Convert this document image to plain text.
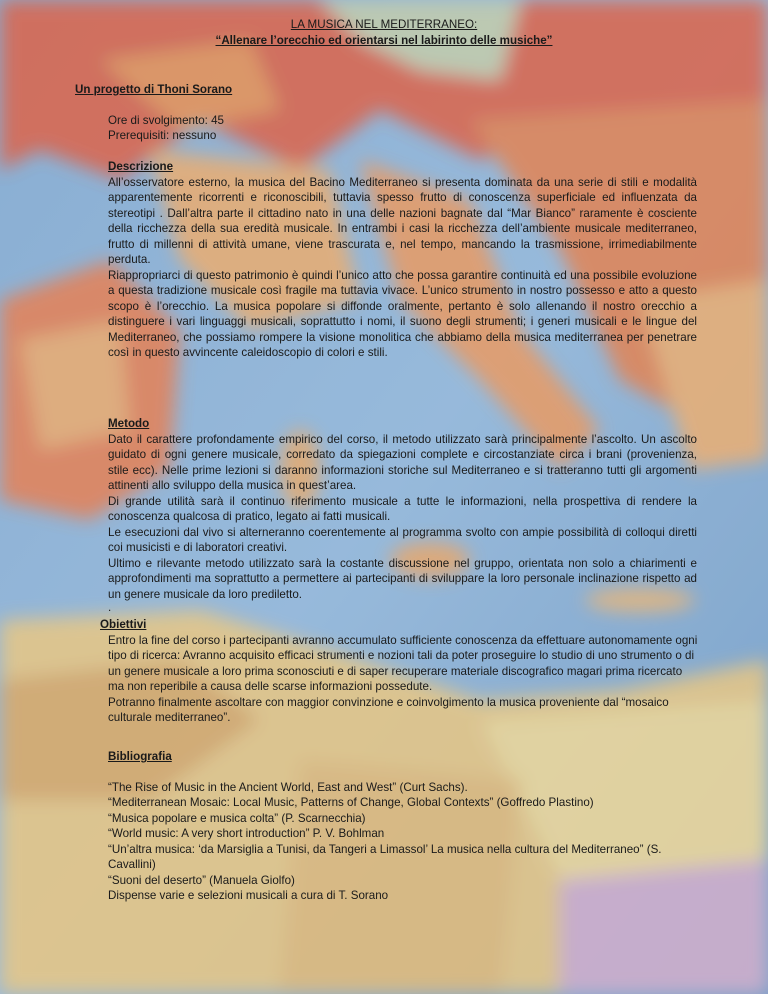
LA MUSICA NEL MEDITERRANEO:

“Allenare l’orecchio ed orientarsi nel labirinto delle musiche”

Un progetto di Thoni Sorano

Ore di svolgimento: 45

Prerequisiti: nessuno

Descrizione

All’osservatore esterno, la musica del Bacino Mediterraneo si presenta dominata da una serie di stili e modalità apparentemente ricorrenti e riconoscibili, tuttavia spesso frutto di conoscenza superficiale ed influenzata da stereotipi . Dall’altra parte il cittadino nato in una delle nazioni bagnate dal “Mar Bianco” raramente è cosciente della ricchezza della sua eredità musicale. In entrambi i casi la ricchezza dell’ambiente musicale mediterraneo, frutto di millenni di attività umane, viene trascurata e, nel tempo, mancando la trasmissione, irrimediabilmente perduta.

Riappropriarci di questo patrimonio è quindi l’unico atto che possa garantire continuità ed una possibile evoluzione a questa tradizione musicale così fragile ma tuttavia vivace. L’unico strumento in nostro possesso e atto a questo scopo è l’orecchio. La musica popolare si diffonde oralmente, pertanto è solo allenando il nostro orecchio a distinguere i vari linguaggi musicali, soprattutto i nomi, il suono degli strumenti; i generi musicali e le lingue del Mediterraneo, che possiamo rompere la visione monolitica che abbiamo della musica mediterranea per penetrare così in questo avvincente caleidoscopio di colori e stili.

Metodo

Dato il carattere profondamente empirico del corso, il metodo utilizzato sarà principalmente l’ascolto. Un ascolto guidato di ogni genere musicale, corredato da spiegazioni complete e circostanziate circa i brani (provenienza, stile ecc). Nelle prime lezioni si daranno informazioni storiche sul Mediterraneo e si tratteranno tutti gli argomenti attinenti allo sviluppo della musica in quest’area.

Di grande utilità sarà il continuo riferimento musicale a tutte le informazioni, nella prospettiva di rendere la conoscenza qualcosa di pratico, legato ai fatti musicali.

Le esecuzioni dal vivo si alterneranno coerentemente al programma svolto con ampie possibilità di colloqui diretti coi musicisti e di laboratori creativi.

Ultimo e rilevante metodo utilizzato sarà la costante discussione nel gruppo, orientata non solo a chiarimenti e approfondimenti ma soprattutto a permettere ai partecipanti di sviluppare la loro personale inclinazione rispetto ad un genere musicale da loro prediletto.

.

Obiettivi

Entro la fine del corso i partecipanti avranno accumulato sufficiente conoscenza da effettuare autonomamente ogni tipo di ricerca: Avranno acquisito efficaci strumenti e nozioni tali da poter proseguire lo studio di uno strumento o di un genere musicale a loro prima sconosciuti e di saper recuperare materiale discografico magari prima ricercato ma non reperibile a causa delle scarse informazioni possedute.

Potranno finalmente ascoltare con maggior convinzione e coinvolgimento la musica proveniente dal “mosaico culturale mediterraneo”.

Bibliografia

“The Rise of Music in the Ancient World, East and West” (Curt Sachs).
“Mediterranean Mosaic: Local Music, Patterns of Change, Global Contexts” (Goffredo Plastino)
“Musica popolare e musica colta” (P. Scarnecchia)
“World music: A very short introduction” P. V. Bohlman
“Un’altra musica: ‘da Marsiglia a Tunisi, da Tangeri a Limassol’ La musica nella cultura del Mediterraneo” (S. Cavallini)
“Suoni del deserto” (Manuela Giolfo)
Dispense varie e selezioni musicali a cura di T. Sorano
